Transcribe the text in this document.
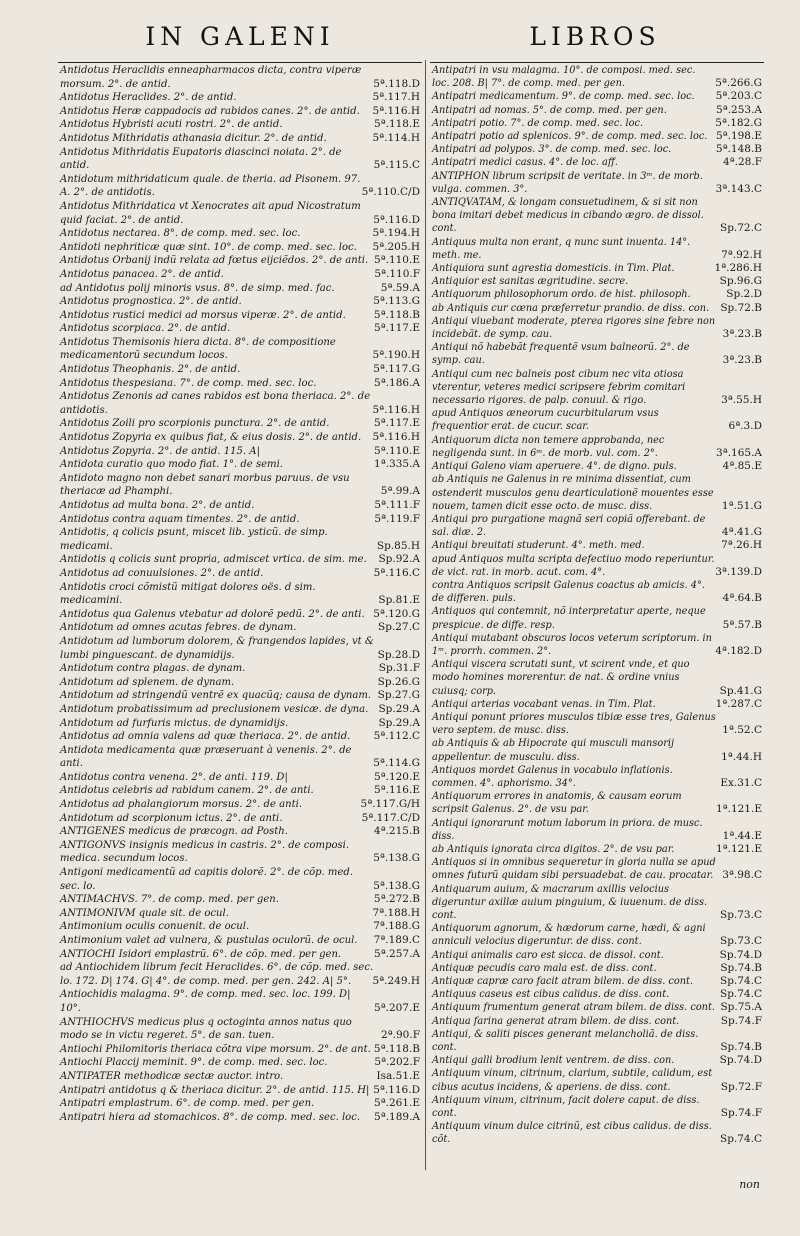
IN GALENI	LIBROS
Antidotus Heraclidis enneapharmacos dicta, contra viperæ morsum. 2°. de antid.	5ª.118.D
Antidotus Heraclides. 2°. de antid.	5ª.117.H
Antidotus Heræ cappadocis ad rabidos canes. 2°. de antid.	5ª.116.H
Antidotus Hybristi acuti rostri. 2°. de antid.	5ª.118.E
Antidotus Mithridatis athanasia dicitur. 2°. de antid.	5ª.114.H
Antidotus Mithridatis Eupatoris diascinci noiata. 2°. de antid.	5ª.115.C
Antidotum mithridaticum quale. de theria. ad Pisonem. 97. A. 2°. de antidotis.	5ª.110.C/D
Antidotus Mithridatica vt Xenocrates ait apud Nicostratum quid faciat. 2°. de antid.	5ª.116.D
Antidotus nectarea. 8°. de comp. med. sec. loc.	5ª.194.H
Antidoti nephriticæ quæ sint. 10°. de comp. med. sec. loc.	5ª.205.H
Antidotus Orbanij indũ relata ad fœtus eijciẽdos. 2°. de anti. 5ª.110.E
Antidotus panacea. 2°. de antid.	5ª.110.F
ad Antidotus polij minoris vsus. 8°. de simp. med. fac.	5ª.59.A
Antidotus prognostica. 2°. de antid.	5ª.113.G
Antidotus rustici medici ad morsus viperæ. 2°. de antid.	5ª.118.B
Antidotus scorpiaca. 2°. de antid.	5ª.117.E
Antidotus Themisonis hiera dicta. 8°. de compositione medicamentorũ secundum locos.	5ª.190.H
Antidotus Theophanis. 2°. de antid.	5ª.117.G
Antidotus thespesiana. 7°. de comp. med. sec. loc.	5ª.186.A
Antidotus Zenonis ad canes rabidos est bona theriaca. 2°. de antidotis.	5ª.116.H
Antidotus Zoili pro scorpionis punctura. 2°. de antid.	5ª.117.E
Antidotus Zopyria ex quibus fiat, & eius dosis. 2°. de antid.	5ª.116.H
Antidotus Zopyria. 2°. de antid. 115. A|	5ª.110.E
Antidota curatio quo modo fiat. 1°. de semi.	1ª.335.A
Antidoto magno non debet sanari morbus paruus. de vsu theriacæ ad Phamphi.	5ª.99.A
Antidotus ad multa bona. 2°. de antid.	5ª.111.F
Antidotus contra aquam timentes. 2°. de antid.	5ª.119.F
Antidotis, q colicis psunt, miscet lib. ysticũ. de simp. medicami.	Sp.85.H
Antidotis q colicis sunt propria, admiscet vrtica. de sim. me.	Sp.92.A
Antidotus ad conuulsiones. 2°. de antid.	5ª.116.C
Antidotis croci cõmistũ mitigat dolores oës. d sim. medicamini.	Sp.81.E
Antidotus qua Galenus vtebatur ad dolorẽ pedũ. 2°. de anti. 5ª.120.G
Antidotum ad omnes acutas febres. de dynam.	Sp.27.C
Antidotum ad lumborum dolorem, & frangendos lapides, vt & lumbi pinguescant. de dynamidijs.	Sp.28.D
Antidotum contra plagas. de dynam.	Sp.31.F
Antidotum ad splenem. de dynam.	Sp.26.G
Antidotum ad stringendũ ventrẽ ex quacũq; causa de dynam. Sp.27.G
Antidotum probatissimum ad preclusionem vesicæ. de dyna. Sp.29.A
Antidotum ad furfuris mictus. de dynamidijs.	Sp.29.A
Antidotus ad omnia valens ad quæ theriaca. 2°. de antid.	5ª.112.C
Antidota medicamenta quæ præseruant à venenis. 2°. de anti.	5ª.114.G
Antidotus contra venena. 2°. de anti. 119. D|	5ª.120.E
Antidotus celebris ad rabidum canem. 2°. de anti.	5ª.116.E
Antidotus ad phalangiorum morsus. 2°. de anti.	5ª.117.G/H
Antidotum ad scorpionum ictus. 2°. de anti.	5ª.117.C/D
ANTIGENES medicus de præcogn. ad Posth.	4ª.215.B
ANTIGONVS insignis medicus in castris. 2°. de composi. medica. secundum locos.	5ª.138.G
Antigoni medicamentũ ad capitis dolorẽ. 2°. de cõp. med. sec. lo.	5ª.138.G
ANTIMACHVS. 7°. de comp. med. per gen.	5ª.272.B
ANTIMONIVM quale sit. de ocul.	7ª.188.H
Antimonium oculis conuenit. de ocul.	7ª.188.G
Antimonium valet ad vulnera, & pustulas oculorũ. de ocul.	7ª.189.C
ANTIOCHI Isidori emplastrũ. 6°. de cõp. med. per gen.	5ª.257.A
ad Antiochidem librum fecit Heraclides. 6°. de cõp. med. sec. lo. 172. D| 174. G| 4°. de comp. med. per gen. 242. A| 5°.	5ª.249.H
Antiochidis malagma. 9°. de comp. med. sec. loc. 199. D| 10°.	5ª.207.E
ANTHIOCHVS medicus plus q octoginta annos natus quo modo se in victu regeret. 5°. de san. tuen.	2ª.90.F
Antiochi Philomitoris theriaca cõtra vipe morsum. 2°. de ant. 5ª.118.B
Antiochi Placcij meminit. 9°. de comp. med. sec. loc.	5ª.202.F
ANTIPATER methodicæ sectæ auctor. intro.	Isa.51.E
Antipatri antidotus q & theriaca dicitur. 2°. de antid. 115. H| 5ª.116.D
Antipatri emplastrum. 6°. de comp. med. per gen.	5ª.261.E
Antipatri hiera ad stomachicos. 8°. de comp. med. sec. loc.	5ª.189.A
Antipatri in vsu malagma. 10°. de composi. med. sec. loc. 208. B| 7°. de comp. med. per gen.	5ª.266.G
Antipatri medicamentum. 9°. de comp. med. sec. loc.	5ª.203.C
Antipatri ad nomas. 5°. de comp. med. per gen.	5ª.253.A
Antipatri potio. 7°. de comp. med. sec. loc.	5ª.182.G
Antipatri potio ad splenicos. 9°. de comp. med. sec. loc. 5ª.198.E
Antipatri ad polypos. 3°. de comp. med. sec. loc.	5ª.148.B
Antipatri medici casus. 4°. de loc. aff.	4ª.28.F
ANTIPHON librum scripsit de veritate. in 3ᵐ. de morb. vulga. commen. 3°.	3ª.143.C
ANTIQVATAM, & longam consuetudinem, & si sit non bona imitari debet medicus in cibando ægro. de dissol. cont.	Sp.72.C
Antiquus multa non erant, q nunc sunt inuenta. 14°. meth. me.	7ª.92.H
Antiquiora sunt agrestia domesticis. in Tim. Plat.	1ª.286.H
Antiquior est sanitas ægritudine. secre.	Sp.96.G
Antiquorum philosophorum ordo. de hist. philosoph.	Sp.2.D
ab Antiquis cur cœna præferretur prandio. de diss. con.	Sp.72.B
Antiqui viuebant moderate, pterea rigores sine febre non incidebãt. de symp. cau.	3ª.23.B
Antiqui nõ habebãt frequentẽ vsum balneorũ. 2°. de symp. cau.	3ª.23.B
Antiqui cum nec balneis post cibum nec vita otiosa vterentur, veteres medici scripsere febrim comitari necessario rigores. de palp. conuul. & rigo.	3ª.55.H
apud Antiquos æneorum cucurbitularum vsus frequentior erat. de cucur. scar.	6ª.3.D
Antiquorum dicta non temere approbanda, nec negligenda sunt. in 6ᵐ. de morb. vul. com. 2°.	3ª.165.A
Antiqui Galeno viam aperuere. 4°. de digno. puls.	4ª.85.E
ab Antiquis ne Galenus in re minima dissentiat, cum ostenderit musculos genu dearticulationẽ mouentes esse nouem, tamen dicit esse octo. de musc. diss.	1ª.51.G
Antiqui pro purgatione magnã seri copiã offerebant. de sal. diæ. 2.	4ª.41.G
Antiqui breuitati studerunt. 4°. meth. med.	7ª.26.H
apud Antiquos multa scripta defectiuo modo reperiuntur. de vict. rat. in morb. acut. com. 4°.	3ª.139.D
contra Antiquos scripsit Galenus coactus ab amicis. 4°. de differen. puls.	4ª.64.B
Antiquos qui contemnit, nõ interpretatur aperte, neque prespicue. de diffe. resp.	5ª.57.B
Antiqui mutabant obscuros locos veterum scriptorum. in 1ᵐ. prorrh. commen. 2°.	4ª.182.D
Antiqui viscera scrutati sunt, vt scirent vnde, et quo modo homines morerentur. de nat. & ordine vnius cuiusq; corp.	Sp.41.G
Antiqui arterias vocabant venas. in Tim. Plat.	1ª.287.C
Antiqui ponunt priores musculos tibiæ esse tres, Galenus vero septem. de musc. diss.	1ª.52.C
ab Antiquis & ab Hipocrate qui musculi mansorij appellentur. de musculu. diss.	1ª.44.H
Antiquos mordet Galenus in vocabulo inflationis. commen. 4°. aphorismo. 34°.	Ex.31.C
Antiquorum errores in anatomis, & causam eorum scripsit Galenus. 2°. de vsu par.	1ª.121.E
Antiqui ignorarunt motum laborum in priora. de musc. diss.	1ª.44.E
ab Antiquis ignorata circa digitos. 2°. de vsu par.	1ª.121.E
Antiquos si in omnibus sequeretur in gloria nulla se apud omnes futurũ quidam sibi persuadebat. de cau. procatar. 3ª.98.C
Antiquarum auium, & macrarum axillis velocius digeruntur axillæ auium pinguium, & iuuenum. de diss. cont.	Sp.73.C
Antiquorum agnorum, & hædorum carne, hædi, & agni anniculi velocius digeruntur. de diss. cont.	Sp.73.C
Antiqui animalis caro est sicca. de dissol. cont.	Sp.74.D
Antiquæ pecudis caro mala est. de diss. cont.	Sp.74.B
Antiquæ capræ caro facit atram bilem. de diss. cont.	Sp.74.C
Antiquus caseus est cibus calidus. de diss. cont.	Sp.74.C
Antiquum frumentum generat atram bilem. de diss. cont. Sp.75.A
Antiqua farina generat atram bilem. de diss. cont.	Sp.74.F
Antiqui, & saliti pisces generant melancholiã. de diss. cont.	Sp.74.B
Antiqui galli brodium lenit ventrem. de diss. con.	Sp.74.D
Antiquum vinum, citrinum, clarium, subtile, calidum, est cibus acutus incidens, & aperiens. de diss. cont.	Sp.72.F
Antiquum vinum, citrinum, facit dolere caput. de diss. cont.	Sp.74.F
Antiquum vinum dulce citrinũ, est cibus calidus. de diss. cõt.	Sp.74.C
non
